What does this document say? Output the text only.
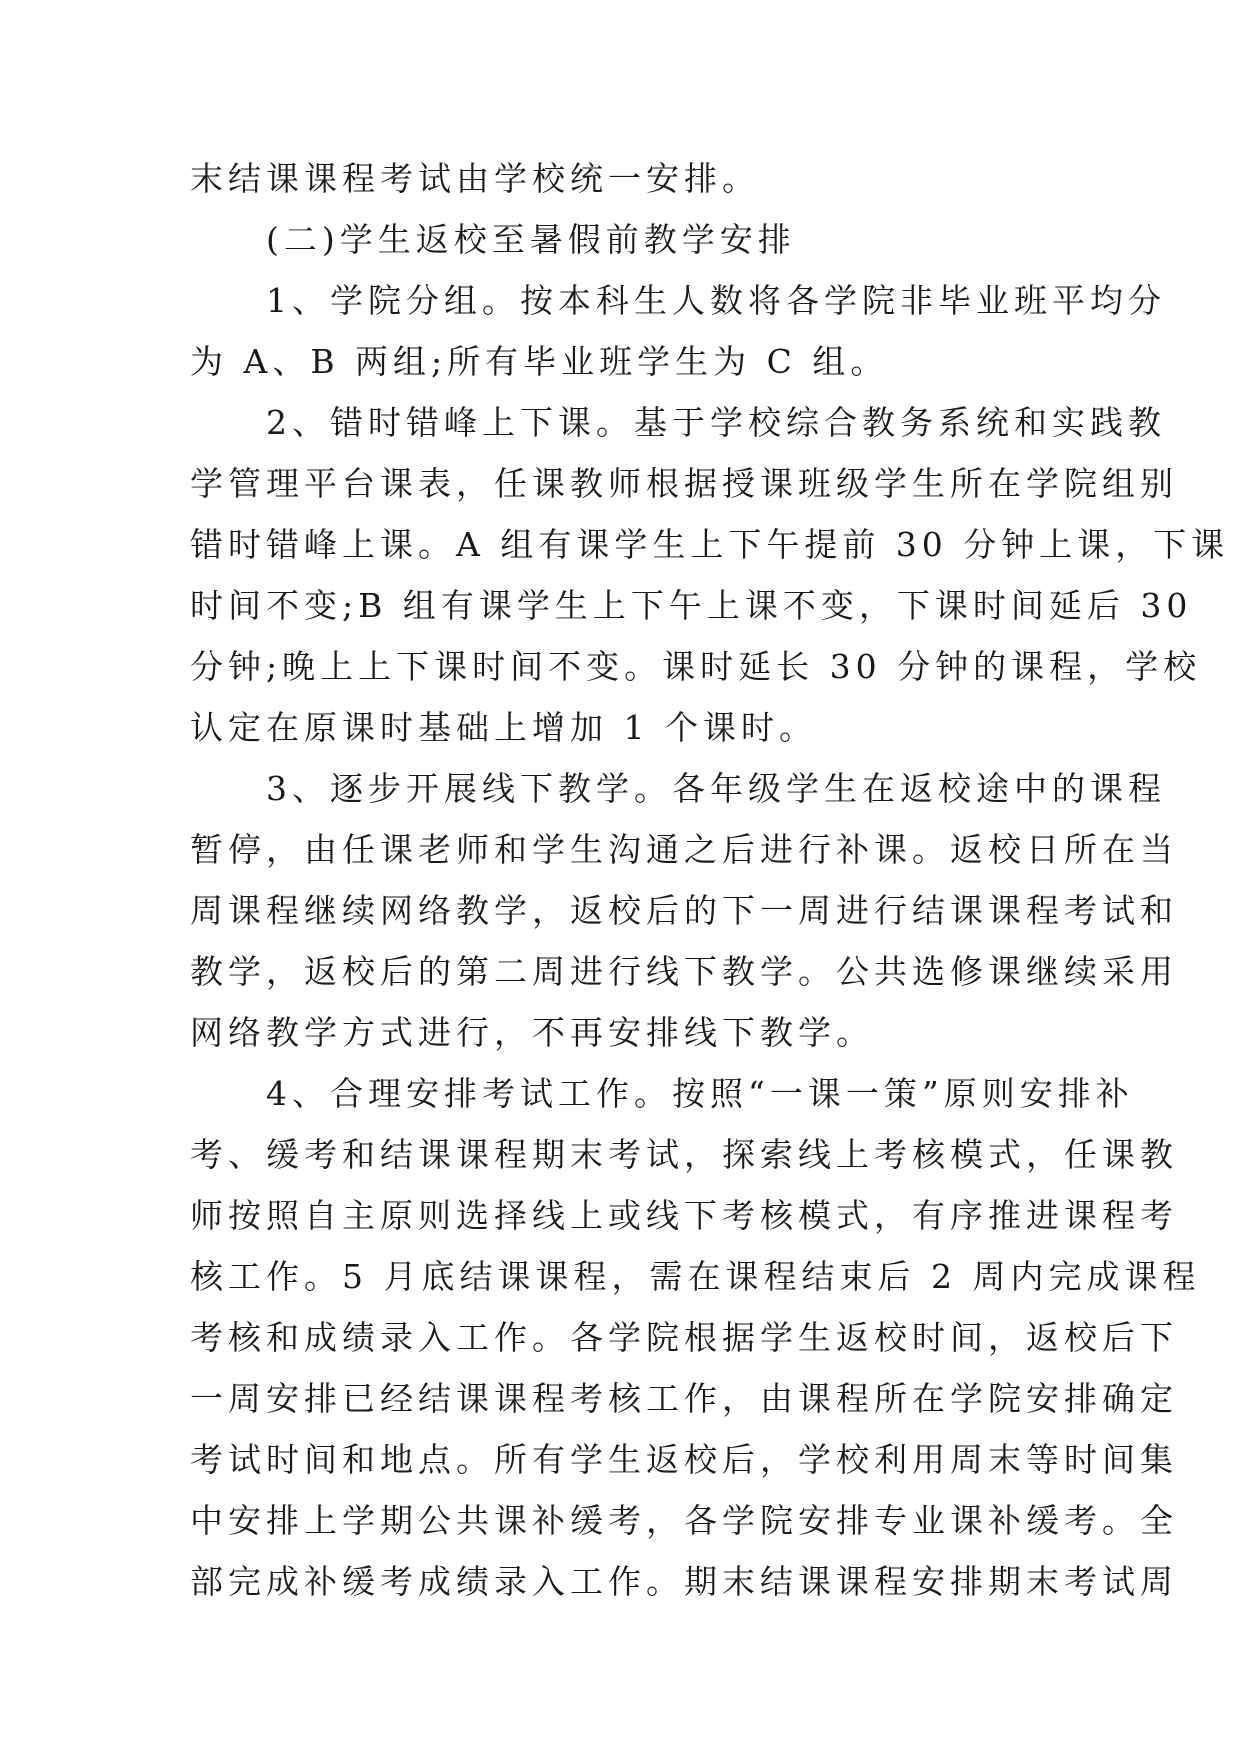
末结课课程考试由学校统一安排。
(二)学生返校至暑假前教学安排
1、学院分组。按本科生人数将各学院非毕业班平均分
为 A、B 两组;所有毕业班学生为 C 组。
2、错时错峰上下课。基于学校综合教务系统和实践教
学管理平台课表，任课教师根据授课班级学生所在学院组别
错时错峰上课。A 组有课学生上下午提前 30 分钟上课，下课
时间不变;B 组有课学生上下午上课不变，下课时间延后 30
分钟;晚上上下课时间不变。课时延长 30 分钟的课程，学校
认定在原课时基础上增加 1 个课时。
3、逐步开展线下教学。各年级学生在返校途中的课程
暂停，由任课老师和学生沟通之后进行补课。返校日所在当
周课程继续网络教学，返校后的下一周进行结课课程考试和
教学，返校后的第二周进行线下教学。公共选修课继续采用
网络教学方式进行，不再安排线下教学。
4、合理安排考试工作。按照“一课一策”原则安排补
考、缓考和结课课程期末考试，探索线上考核模式，任课教
师按照自主原则选择线上或线下考核模式，有序推进课程考
核工作。5 月底结课课程，需在课程结束后 2 周内完成课程
考核和成绩录入工作。各学院根据学生返校时间，返校后下
一周安排已经结课课程考核工作，由课程所在学院安排确定
考试时间和地点。所有学生返校后，学校利用周末等时间集
中安排上学期公共课补缓考，各学院安排专业课补缓考。全
部完成补缓考成绩录入工作。期末结课课程安排期末考试周
